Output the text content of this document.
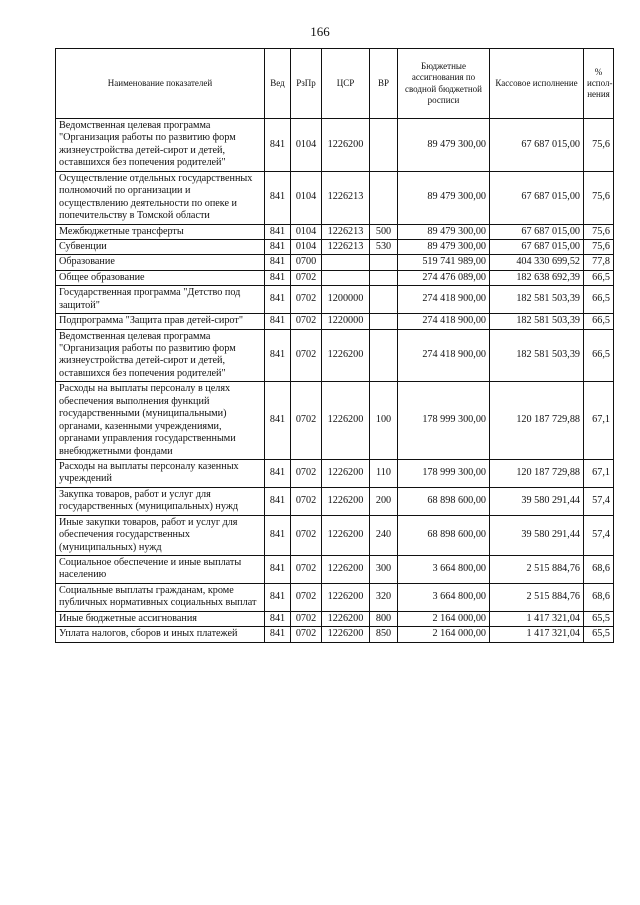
166
Наименование показателей	Вед	РзПр	ЦСР	ВР	Бюджетные ассигнования по сводной бюджетной росписи	Кассовое исполнение	% испол- нения
Ведомственная целевая программа "Организация работы по развитию форм жизнеустройства детей-сирот и детей, оставшихся без попечения родителей"	841	0104	1226200		89 479 300,00	67 687 015,00	75,6
Осуществление отдельных государственных полномочий по организации и осуществлению деятельности по опеке и попечительству в Томской области	841	0104	1226213		89 479 300,00	67 687 015,00	75,6
Межбюджетные трансферты	841	0104	1226213	500	89 479 300,00	67 687 015,00	75,6
Субвенции	841	0104	1226213	530	89 479 300,00	67 687 015,00	75,6
Образование	841	0700			519 741 989,00	404 330 699,52	77,8
Общее образование	841	0702			274 476 089,00	182 638 692,39	66,5
Государственная программа "Детство под защитой"	841	0702	1200000		274 418 900,00	182 581 503,39	66,5
Подпрограмма "Защита прав детей-сирот"	841	0702	1220000		274 418 900,00	182 581 503,39	66,5
Ведомственная целевая программа "Организация работы по развитию форм жизнеустройства детей-сирот и детей, оставшихся без попечения родителей"	841	0702	1226200		274 418 900,00	182 581 503,39	66,5
Расходы на выплаты персоналу в целях обеспечения выполнения функций государственными (муниципальными) органами, казенными учреждениями, органами управления государственными внебюджетными фондами	841	0702	1226200	100	178 999 300,00	120 187 729,88	67,1
Расходы на выплаты персоналу казенных учреждений	841	0702	1226200	110	178 999 300,00	120 187 729,88	67,1
Закупка товаров, работ и услуг для государственных (муниципальных) нужд	841	0702	1226200	200	68 898 600,00	39 580 291,44	57,4
Иные закупки товаров, работ и услуг для обеспечения государственных (муниципальных) нужд	841	0702	1226200	240	68 898 600,00	39 580 291,44	57,4
Социальное обеспечение и иные выплаты населению	841	0702	1226200	300	3 664 800,00	2 515 884,76	68,6
Социальные выплаты гражданам, кроме публичных нормативных социальных выплат	841	0702	1226200	320	3 664 800,00	2 515 884,76	68,6
Иные бюджетные ассигнования	841	0702	1226200	800	2 164 000,00	1 417 321,04	65,5
Уплата налогов, сборов и иных платежей	841	0702	1226200	850	2 164 000,00	1 417 321,04	65,5
